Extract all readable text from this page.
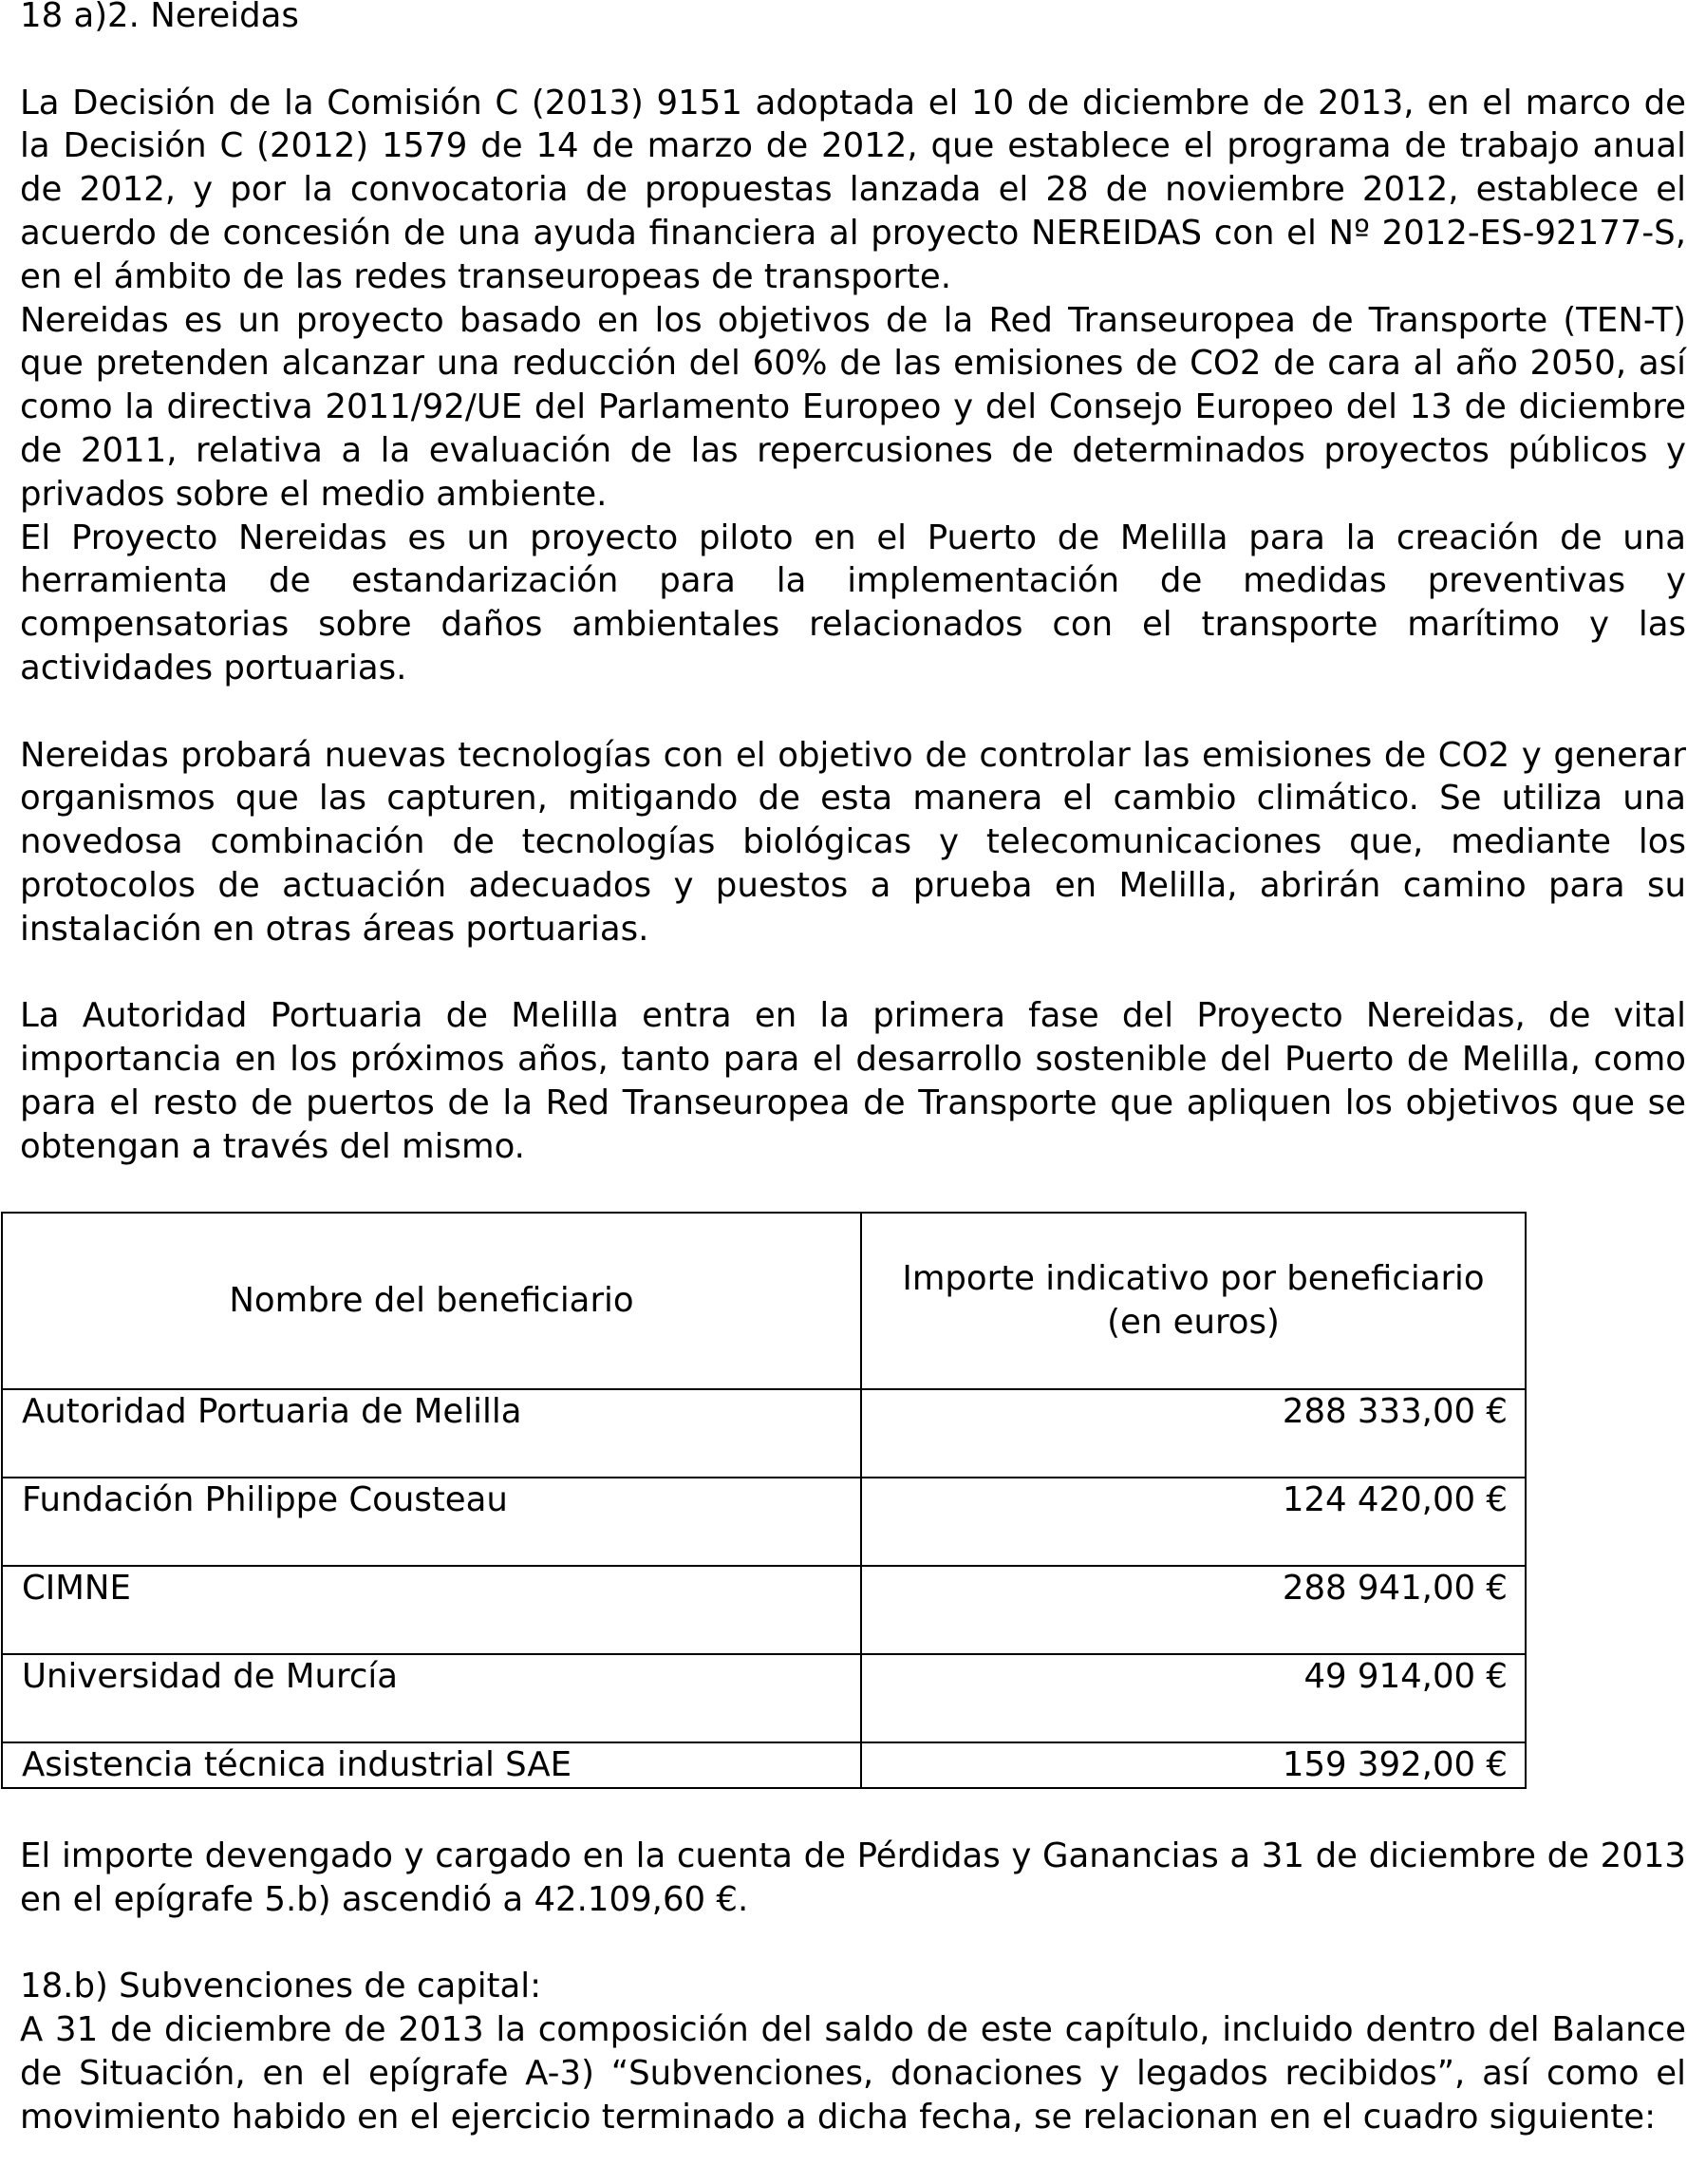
18 a)2. Nereidas

La Decisión de la Comisión C (2013) 9151 adoptada el 10 de diciembre de 2013, en el marco de la Decisión C (2012) 1579 de 14 de marzo de 2012, que establece el programa de trabajo anual de 2012, y por la convocatoria de propuestas lanzada el 28 de noviembre 2012, establece el acuerdo de concesión de una ayuda financiera al proyecto NEREIDAS con el Nº 2012-ES-92177-S, en el ámbito de las redes transeuropeas de transporte.

Nereidas es un proyecto basado en los objetivos de la Red Transeuropea de Transporte (TEN-T) que pretenden alcanzar una reducción del 60% de las emisiones de CO2 de cara al año 2050, así como la directiva 2011/92/UE del Parlamento Europeo y del Consejo Europeo del 13 de diciembre de 2011, relativa a la evaluación de las repercusiones de determinados proyectos públicos y privados sobre el medio ambiente.

El Proyecto Nereidas es un proyecto piloto en el Puerto de Melilla para la creación de una herramienta de estandarización para la implementación de medidas preventivas y compensatorias sobre daños ambientales relacionados con el transporte marítimo y las actividades portuarias.

Nereidas probará nuevas tecnologías con el objetivo de controlar las emisiones de CO2 y generar organismos que las capturen, mitigando de esta manera el cambio climático. Se utiliza una novedosa combinación de tecnologías biológicas y telecomunicaciones que, mediante los protocolos de actuación adecuados y puestos a prueba en Melilla, abrirán camino para su instalación en otras áreas portuarias.

La Autoridad Portuaria de Melilla entra en la primera fase del Proyecto Nereidas, de vital importancia en los próximos años, tanto para el desarrollo sostenible del Puerto de Melilla, como para el resto de puertos de la Red Transeuropea de Transporte que apliquen los objetivos que se obtengan a través del mismo.

Nombre del beneficiario	Importe indicativo por beneficiario (en euros)
Autoridad Portuaria de Melilla	288 333,00 €
Fundación Philippe Cousteau	124 420,00 €
CIMNE	288 941,00 €
Universidad de Murcía	49 914,00 €
Asistencia técnica industrial SAE	159 392,00 €

El importe devengado y cargado en la cuenta de Pérdidas y Ganancias a 31 de diciembre de 2013 en el epígrafe 5.b) ascendió a 42.109,60 €.

18.b) Subvenciones de capital:

A 31 de diciembre de 2013 la composición del saldo de este capítulo, incluido dentro del Balance de Situación, en el epígrafe A-3) “Subvenciones, donaciones y legados recibidos”, así como el movimiento habido en el ejercicio terminado a dicha fecha, se relacionan en el cuadro siguiente:
